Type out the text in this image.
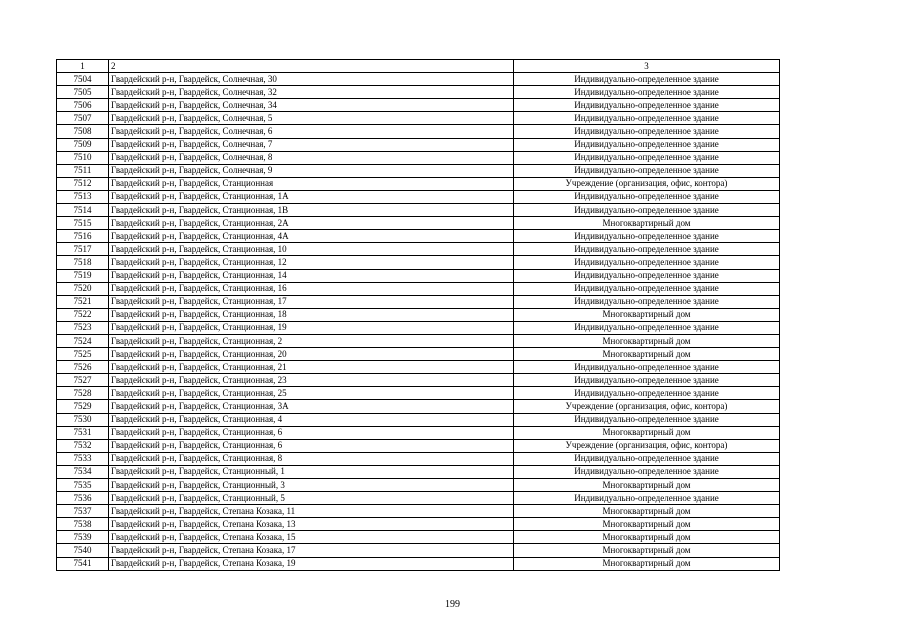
1	2	3
7504	Гвардейский р-н, Гвардейск, Солнечная, 30	Индивидуально-определенное здание
7505	Гвардейский р-н, Гвардейск, Солнечная, 32	Индивидуально-определенное здание
7506	Гвардейский р-н, Гвардейск, Солнечная, 34	Индивидуально-определенное здание
7507	Гвардейский р-н, Гвардейск, Солнечная, 5	Индивидуально-определенное здание
7508	Гвардейский р-н, Гвардейск, Солнечная, 6	Индивидуально-определенное здание
7509	Гвардейский р-н, Гвардейск, Солнечная, 7	Индивидуально-определенное здание
7510	Гвардейский р-н, Гвардейск, Солнечная, 8	Индивидуально-определенное здание
7511	Гвардейский р-н, Гвардейск, Солнечная, 9	Индивидуально-определенное здание
7512	Гвардейский р-н, Гвардейск, Станционная	Учреждение (организация, офис, контора)
7513	Гвардейский р-н, Гвардейск, Станционная, 1А	Индивидуально-определенное здание
7514	Гвардейский р-н, Гвардейск, Станционная, 1В	Индивидуально-определенное здание
7515	Гвардейский р-н, Гвардейск, Станционная, 2А	Многоквартирный дом
7516	Гвардейский р-н, Гвардейск, Станционная, 4А	Индивидуально-определенное здание
7517	Гвардейский р-н, Гвардейск, Станционная, 10	Индивидуально-определенное здание
7518	Гвардейский р-н, Гвардейск, Станционная, 12	Индивидуально-определенное здание
7519	Гвардейский р-н, Гвардейск, Станционная, 14	Индивидуально-определенное здание
7520	Гвардейский р-н, Гвардейск, Станционная, 16	Индивидуально-определенное здание
7521	Гвардейский р-н, Гвардейск, Станционная, 17	Индивидуально-определенное здание
7522	Гвардейский р-н, Гвардейск, Станционная, 18	Многоквартирный дом
7523	Гвардейский р-н, Гвардейск, Станционная, 19	Индивидуально-определенное здание
7524	Гвардейский р-н, Гвардейск, Станционная, 2	Многоквартирный дом
7525	Гвардейский р-н, Гвардейск, Станционная, 20	Многоквартирный дом
7526	Гвардейский р-н, Гвардейск, Станционная, 21	Индивидуально-определенное здание
7527	Гвардейский р-н, Гвардейск, Станционная, 23	Индивидуально-определенное здание
7528	Гвардейский р-н, Гвардейск, Станционная, 25	Индивидуально-определенное здание
7529	Гвардейский р-н, Гвардейск, Станционная, 3А	Учреждение (организация, офис, контора)
7530	Гвардейский р-н, Гвардейск, Станционная, 4	Индивидуально-определенное здание
7531	Гвардейский р-н, Гвардейск, Станционная, 6	Многоквартирный дом
7532	Гвардейский р-н, Гвардейск, Станционная, 6	Учреждение (организация, офис, контора)
7533	Гвардейский р-н, Гвардейск, Станционная, 8	Индивидуально-определенное здание
7534	Гвардейский р-н, Гвардейск, Станционный, 1	Индивидуально-определенное здание
7535	Гвардейский р-н, Гвардейск, Станционный, 3	Многоквартирный дом
7536	Гвардейский р-н, Гвардейск, Станционный, 5	Индивидуально-определенное здание
7537	Гвардейский р-н, Гвардейск, Степана Козака, 11	Многоквартирный дом
7538	Гвардейский р-н, Гвардейск, Степана Козака, 13	Многоквартирный дом
7539	Гвардейский р-н, Гвардейск, Степана Козака, 15	Многоквартирный дом
7540	Гвардейский р-н, Гвардейск, Степана Козака, 17	Многоквартирный дом
7541	Гвардейский р-н, Гвардейск, Степана Козака, 19	Многоквартирный дом
199
